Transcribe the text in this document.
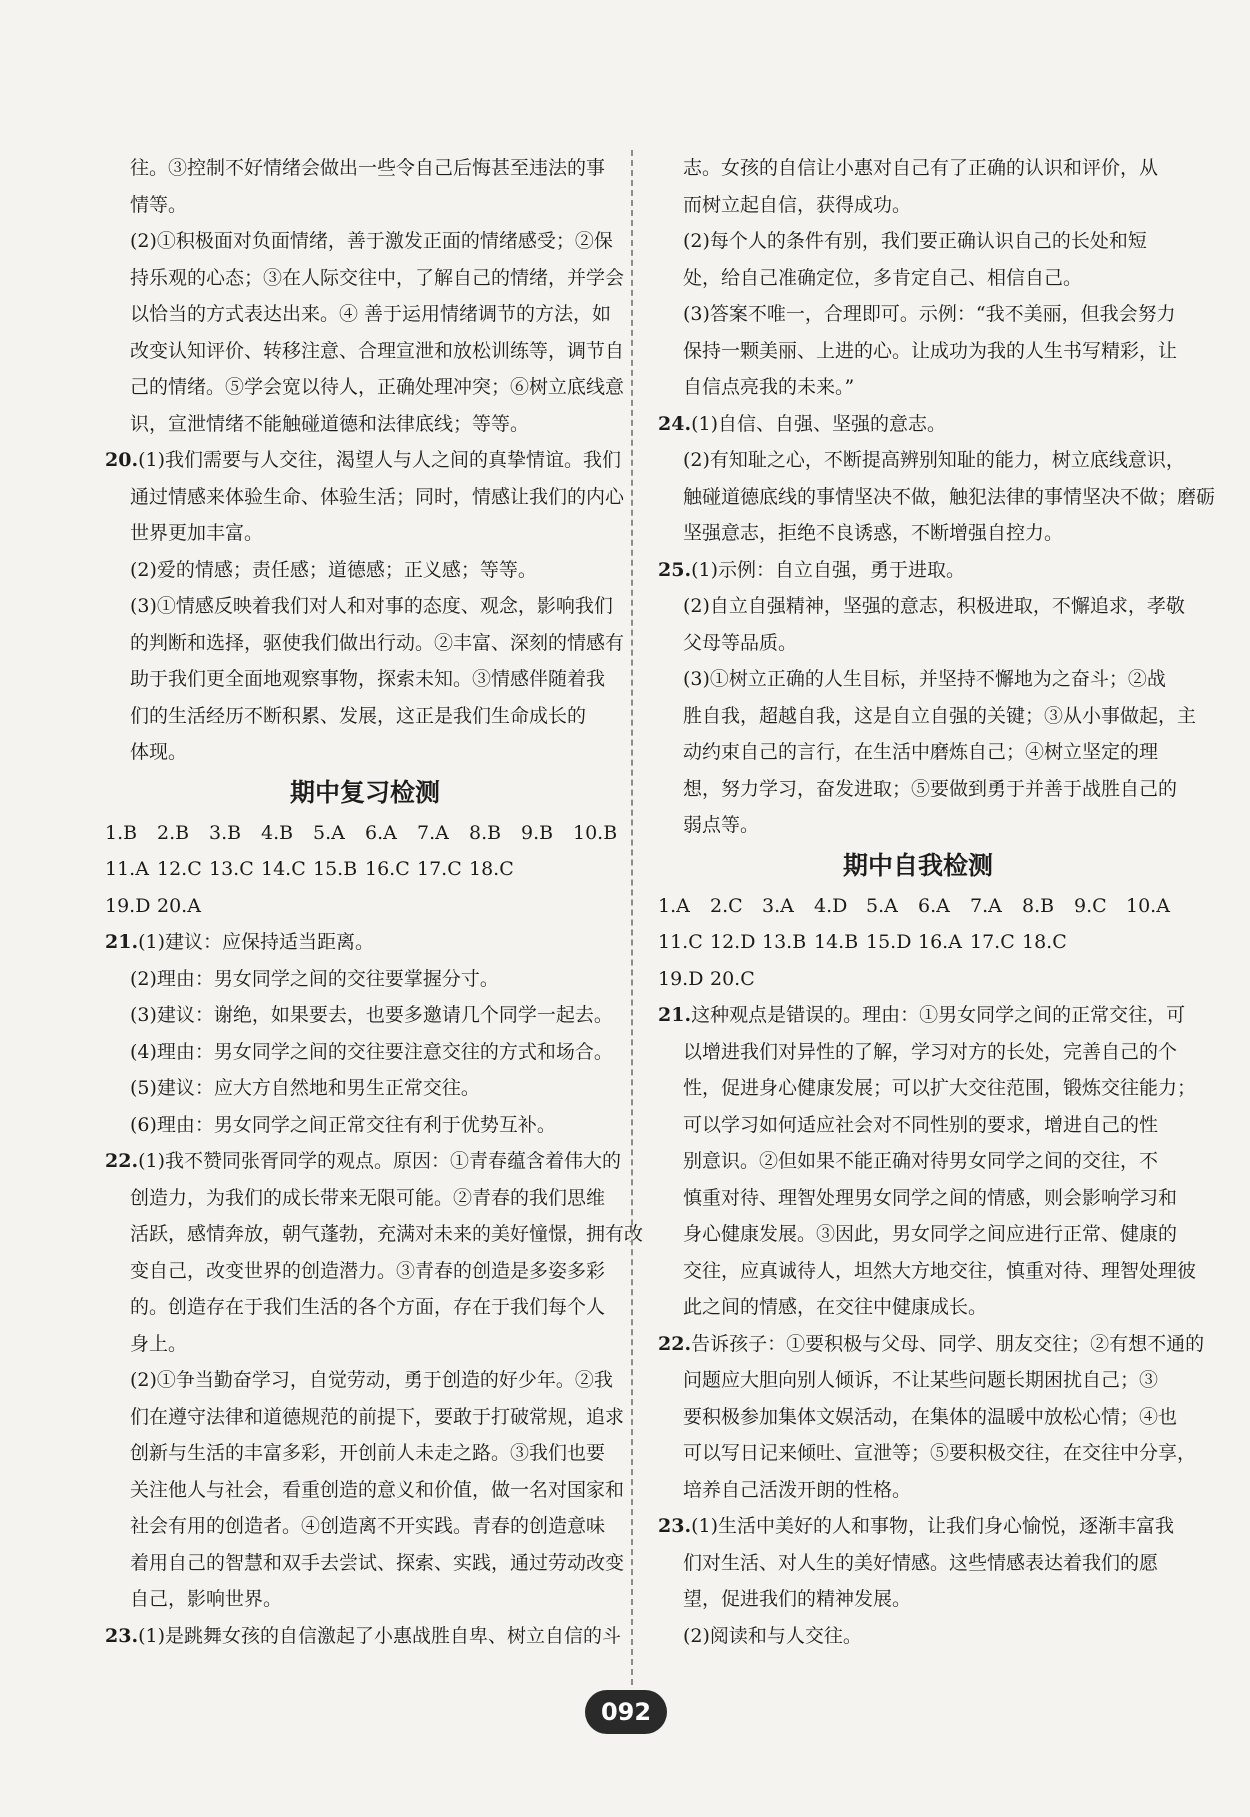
往。③控制不好情绪会做出一些令自己后悔甚至违法的事
情等。
(2)①积极面对负面情绪，善于激发正面的情绪感受；②保
持乐观的心态；③在人际交往中，了解自己的情绪，并学会
以恰当的方式表达出来。④ 善于运用情绪调节的方法，如
改变认知评价、转移注意、合理宣泄和放松训练等，调节自
己的情绪。⑤学会宽以待人，正确处理冲突；⑥树立底线意
识，宣泄情绪不能触碰道德和法律底线；等等。
20.(1)我们需要与人交往，渴望人与人之间的真挚情谊。我们
通过情感来体验生命、体验生活；同时，情感让我们的内心
世界更加丰富。
(2)爱的情感；责任感；道德感；正义感；等等。
(3)①情感反映着我们对人和对事的态度、观念，影响我们
的判断和选择，驱使我们做出行动。②丰富、深刻的情感有
助于我们更全面地观察事物，探索未知。③情感伴随着我
们的生活经历不断积累、发展，这正是我们生命成长的
体现。
期中复习检测
1.B	2.B	3.B	4.B	5.A	6.A	7.A	8.B	9.B	10.B
11.A 12.C 13.C 14.C 15.B 16.C 17.C 18.C
19.D 20.A
21.(1)建议：应保持适当距离。
(2)理由：男女同学之间的交往要掌握分寸。
(3)建议：谢绝，如果要去，也要多邀请几个同学一起去。
(4)理由：男女同学之间的交往要注意交往的方式和场合。
(5)建议：应大方自然地和男生正常交往。
(6)理由：男女同学之间正常交往有利于优势互补。
22.(1)我不赞同张胥同学的观点。原因：①青春蕴含着伟大的
创造力，为我们的成长带来无限可能。②青春的我们思维
活跃，感情奔放，朝气蓬勃，充满对未来的美好憧憬，拥有改
变自己，改变世界的创造潜力。③青春的创造是多姿多彩
的。创造存在于我们生活的各个方面，存在于我们每个人
身上。
(2)①争当勤奋学习，自觉劳动，勇于创造的好少年。②我
们在遵守法律和道德规范的前提下，要敢于打破常规，追求
创新与生活的丰富多彩，开创前人未走之路。③我们也要
关注他人与社会，看重创造的意义和价值，做一名对国家和
社会有用的创造者。④创造离不开实践。青春的创造意味
着用自己的智慧和双手去尝试、探索、实践，通过劳动改变
自己，影响世界。
23.(1)是跳舞女孩的自信激起了小惠战胜自卑、树立自信的斗
志。女孩的自信让小惠对自己有了正确的认识和评价，从
而树立起自信，获得成功。
(2)每个人的条件有别，我们要正确认识自己的长处和短
处，给自己准确定位，多肯定自己、相信自己。
(3)答案不唯一，合理即可。示例：“我不美丽，但我会努力
保持一颗美丽、上进的心。让成功为我的人生书写精彩，让
自信点亮我的未来。”
24.(1)自信、自强、坚强的意志。
(2)有知耻之心，不断提高辨别知耻的能力，树立底线意识，
触碰道德底线的事情坚决不做，触犯法律的事情坚决不做；磨砺
坚强意志，拒绝不良诱惑，不断增强自控力。
25.(1)示例：自立自强，勇于进取。
(2)自立自强精神，坚强的意志，积极进取，不懈追求，孝敬
父母等品质。
(3)①树立正确的人生目标，并坚持不懈地为之奋斗；②战
胜自我，超越自我，这是自立自强的关键；③从小事做起，主
动约束自己的言行，在生活中磨炼自己；④树立坚定的理
想，努力学习，奋发进取；⑤要做到勇于并善于战胜自己的
弱点等。
期中自我检测
1.A	2.C	3.A	4.D 5.A	6.A	7.A	8.B	9.C	10.A
11.C 12.D 13.B 14.B 15.D 16.A 17.C 18.C
19.D 20.C
21.这种观点是错误的。理由：①男女同学之间的正常交往，可
以增进我们对异性的了解，学习对方的长处，完善自己的个
性，促进身心健康发展；可以扩大交往范围，锻炼交往能力；
可以学习如何适应社会对不同性别的要求，增进自己的性
别意识。②但如果不能正确对待男女同学之间的交往，不
慎重对待、理智处理男女同学之间的情感，则会影响学习和
身心健康发展。③因此，男女同学之间应进行正常、健康的
交往，应真诚待人，坦然大方地交往，慎重对待、理智处理彼
此之间的情感，在交往中健康成长。
22.告诉孩子：①要积极与父母、同学、朋友交往；②有想不通的
问题应大胆向别人倾诉，不让某些问题长期困扰自己；③
要积极参加集体文娱活动，在集体的温暖中放松心情；④也
可以写日记来倾吐、宣泄等；⑤要积极交往，在交往中分享，
培养自己活泼开朗的性格。
23.(1)生活中美好的人和事物，让我们身心愉悦，逐渐丰富我
们对生活、对人生的美好情感。这些情感表达着我们的愿
望，促进我们的精神发展。
(2)阅读和与人交往。
092
